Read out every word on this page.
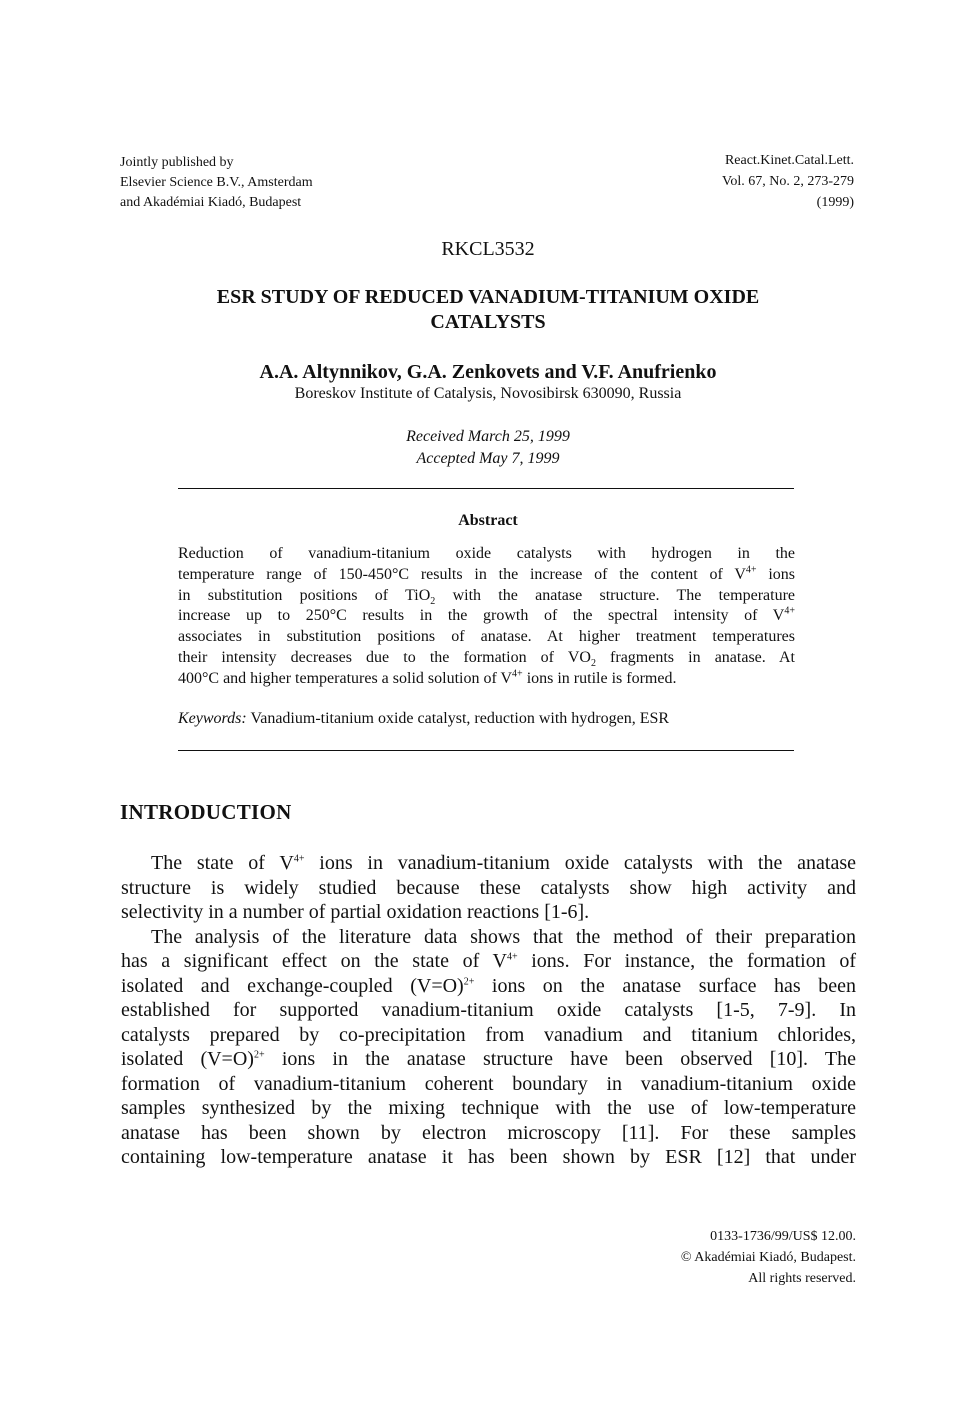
Jointly published by
Elsevier Science B.V., Amsterdam
and Akadémiai Kiadó, Budapest
React.Kinet.Catal.Lett.
Vol. 67, No. 2, 273-279
(1999)
RKCL3532
ESR STUDY OF REDUCED VANADIUM-TITANIUM OXIDE
CATALYSTS
A.A. Altynnikov, G.A. Zenkovets and V.F. Anufrienko
Boreskov Institute of Catalysis, Novosibirsk 630090, Russia
Received March 25, 1999
Accepted May 7, 1999
Abstract
Reduction of vanadium-titanium oxide catalysts with hydrogen in the
temperature range of 150-450°C results in the increase of the content of $V^{4+}$ ions
in substitution positions of TiO$_2$ with the anatase structure. The temperature
increase up to 250°C results in the growth of the spectral intensity of $V^{4+}$
associates in substitution positions of anatase. At higher treatment temperatures
their intensity decreases due to the formation of $VO_2$ fragments in anatase. At
400°C and higher temperatures a solid solution of $V^{4+}$ ions in rutile is formed.
Keywords: Vanadium-titanium oxide catalyst, reduction with hydrogen, ESR
INTRODUCTION
The state of $V^{4+}$ ions in vanadium-titanium oxide catalysts with the anatase
structure is widely studied because these catalysts show high activity and
selectivity in a number of partial oxidation reactions [1-6].
The analysis of the literature data shows that the method of their preparation
has a significant effect on the state of $V^{4+}$ ions. For instance, the formation of
isolated and exchange-coupled (V=O)$^{2+}$ ions on the anatase surface has been
established for supported vanadium-titanium oxide catalysts [1-5, 7-9]. In
catalysts prepared by co-precipitation from vanadium and titanium chlorides,
isolated (V=O)$^{2+}$ ions in the anatase structure have been observed [10]. The
formation of vanadium-titanium coherent boundary in vanadium-titanium oxide
samples synthesized by the mixing technique with the use of low-temperature
anatase has been shown by electron microscopy [11]. For these samples
containing low-temperature anatase it has been shown by ESR [12] that under
0133-1736/99/US$ 12.00.
© Akadémiai Kiadó, Budapest.
All rights reserved.
